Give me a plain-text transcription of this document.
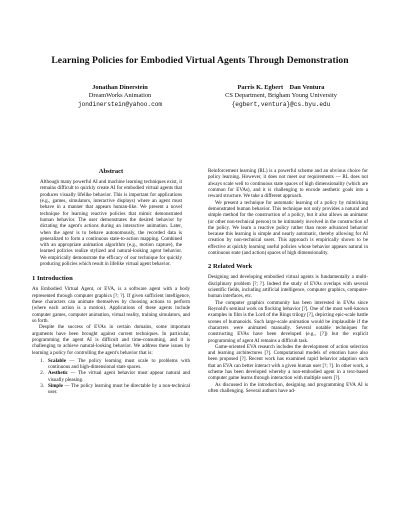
Learning Policies for Embodied Virtual Agents Through Demonstration
Jonathan Dinerstein
DreamWorks Animation
jondinerstein@yahoo.com
Parris K. Egbert    Dan Ventura
CS Department, Brigham Young University
{egbert,ventura}@cs.byu.edu
Abstract

Although many powerful AI and machine learning techniques exist, it remains difficult to quickly create AI for embodied virtual agents that produces visually lifelike behavior. This is important for applications (e.g., games, simulators, interactive displays) where an agent must behave in a manner that appears human-like. We present a novel technique for learning reactive policies that mimic demonstrated human behavior. The user demonstrates the desired behavior by dictating the agent's actions during an interactive animation. Later, when the agent is to behave autonomously, the recorded data is generalized to form a continuous state-to-action mapping. Combined with an appropriate animation algorithm (e.g., motion capture), the learned policies realize stylized and natural-looking agent behavior. We empirically demonstrate the efficacy of our technique for quickly producing policies which result in lifelike virtual agent behavior.

1 Introduction

An Embodied Virtual Agent, or EVA, is a software agent with a body represented through computer graphics [?; ?]. If given sufficient intelligence, these characters can animate themselves by choosing actions to perform (where each action is a motion). Applications of these agents include computer games, computer animation, virtual reality, training simulators, and so forth.

Despite the success of EVAs in certain domains, some important arguments have been brought against current techniques. In particular, programming the agent AI is difficult and time-consuming, and it is challenging to achieve natural-looking behavior. We address these issues by learning a policy for controlling the agent's behavior that is:

1. Scalable — The policy learning must scale to problems with continuous and high-dimensional state spaces.
2. Aesthetic — The virtual agent behavior must appear natural and visually pleasing.
3. Simple — The policy learning must be directable by a non-technical user.

Reinforcement learning (RL) is a powerful scheme and an obvious choice for policy learning. However, it does not meet our requirements — RL does not always scale well to continuous state spaces of high dimensionality (which are common for EVAs), and it is challenging to encode aesthetic goals into a reward structure. We take a different approach.

We present a technique for automatic learning of a policy by mimicking demonstrated human behavior. This technique not only provides a natural and simple method for the construction of a policy, but it also allows an animator (or other non-technical person) to be intimately involved in the construction of the policy. We learn a reactive policy rather than more advanced behavior because this learning is simple and nearly automatic, thereby allowing for AI creation by non-technical users. This approach is empirically shown to be effective at quickly learning useful policies whose behavior appears natural in continuous state (and action) spaces of high dimensionality.

2 Related Work

Designing and developing embodied virtual agents is fundamentally a multi-disciplinary problem [?; ?]. Indeed the study of EVAs overlaps with several scientific fields, including artificial intelligence, computer graphics, computer-human interfaces, etc.

The computer graphics community has been interested in EVAs since Reynold's seminal work on flocking behavior [?]. One of the most well-known examples in film is the Lord of the Rings trilogy [?], depicting epic-scale battle scenes of humanoids. Such large-scale animation would be implausible if the characters were animated manually. Several notable techniques for constructing EVAs have been developed (e.g., [?]) but the explicit programming of agent AI remains a difficult task.

Game-oriented EVA research includes the development of action selection and learning architectures [?]. Computational models of emotion have also been proposed [?]. Recent work has examined rapid behavior adaption such that an EVA can better interact with a given human user [?; ?]. In other work, a scheme has been developed whereby a non-embodied agent in a text-based computer game learns through interaction with multiple users [?].

As discussed in the introduction, designing and programming EVA AI is often challenging. Several authors have ad-
